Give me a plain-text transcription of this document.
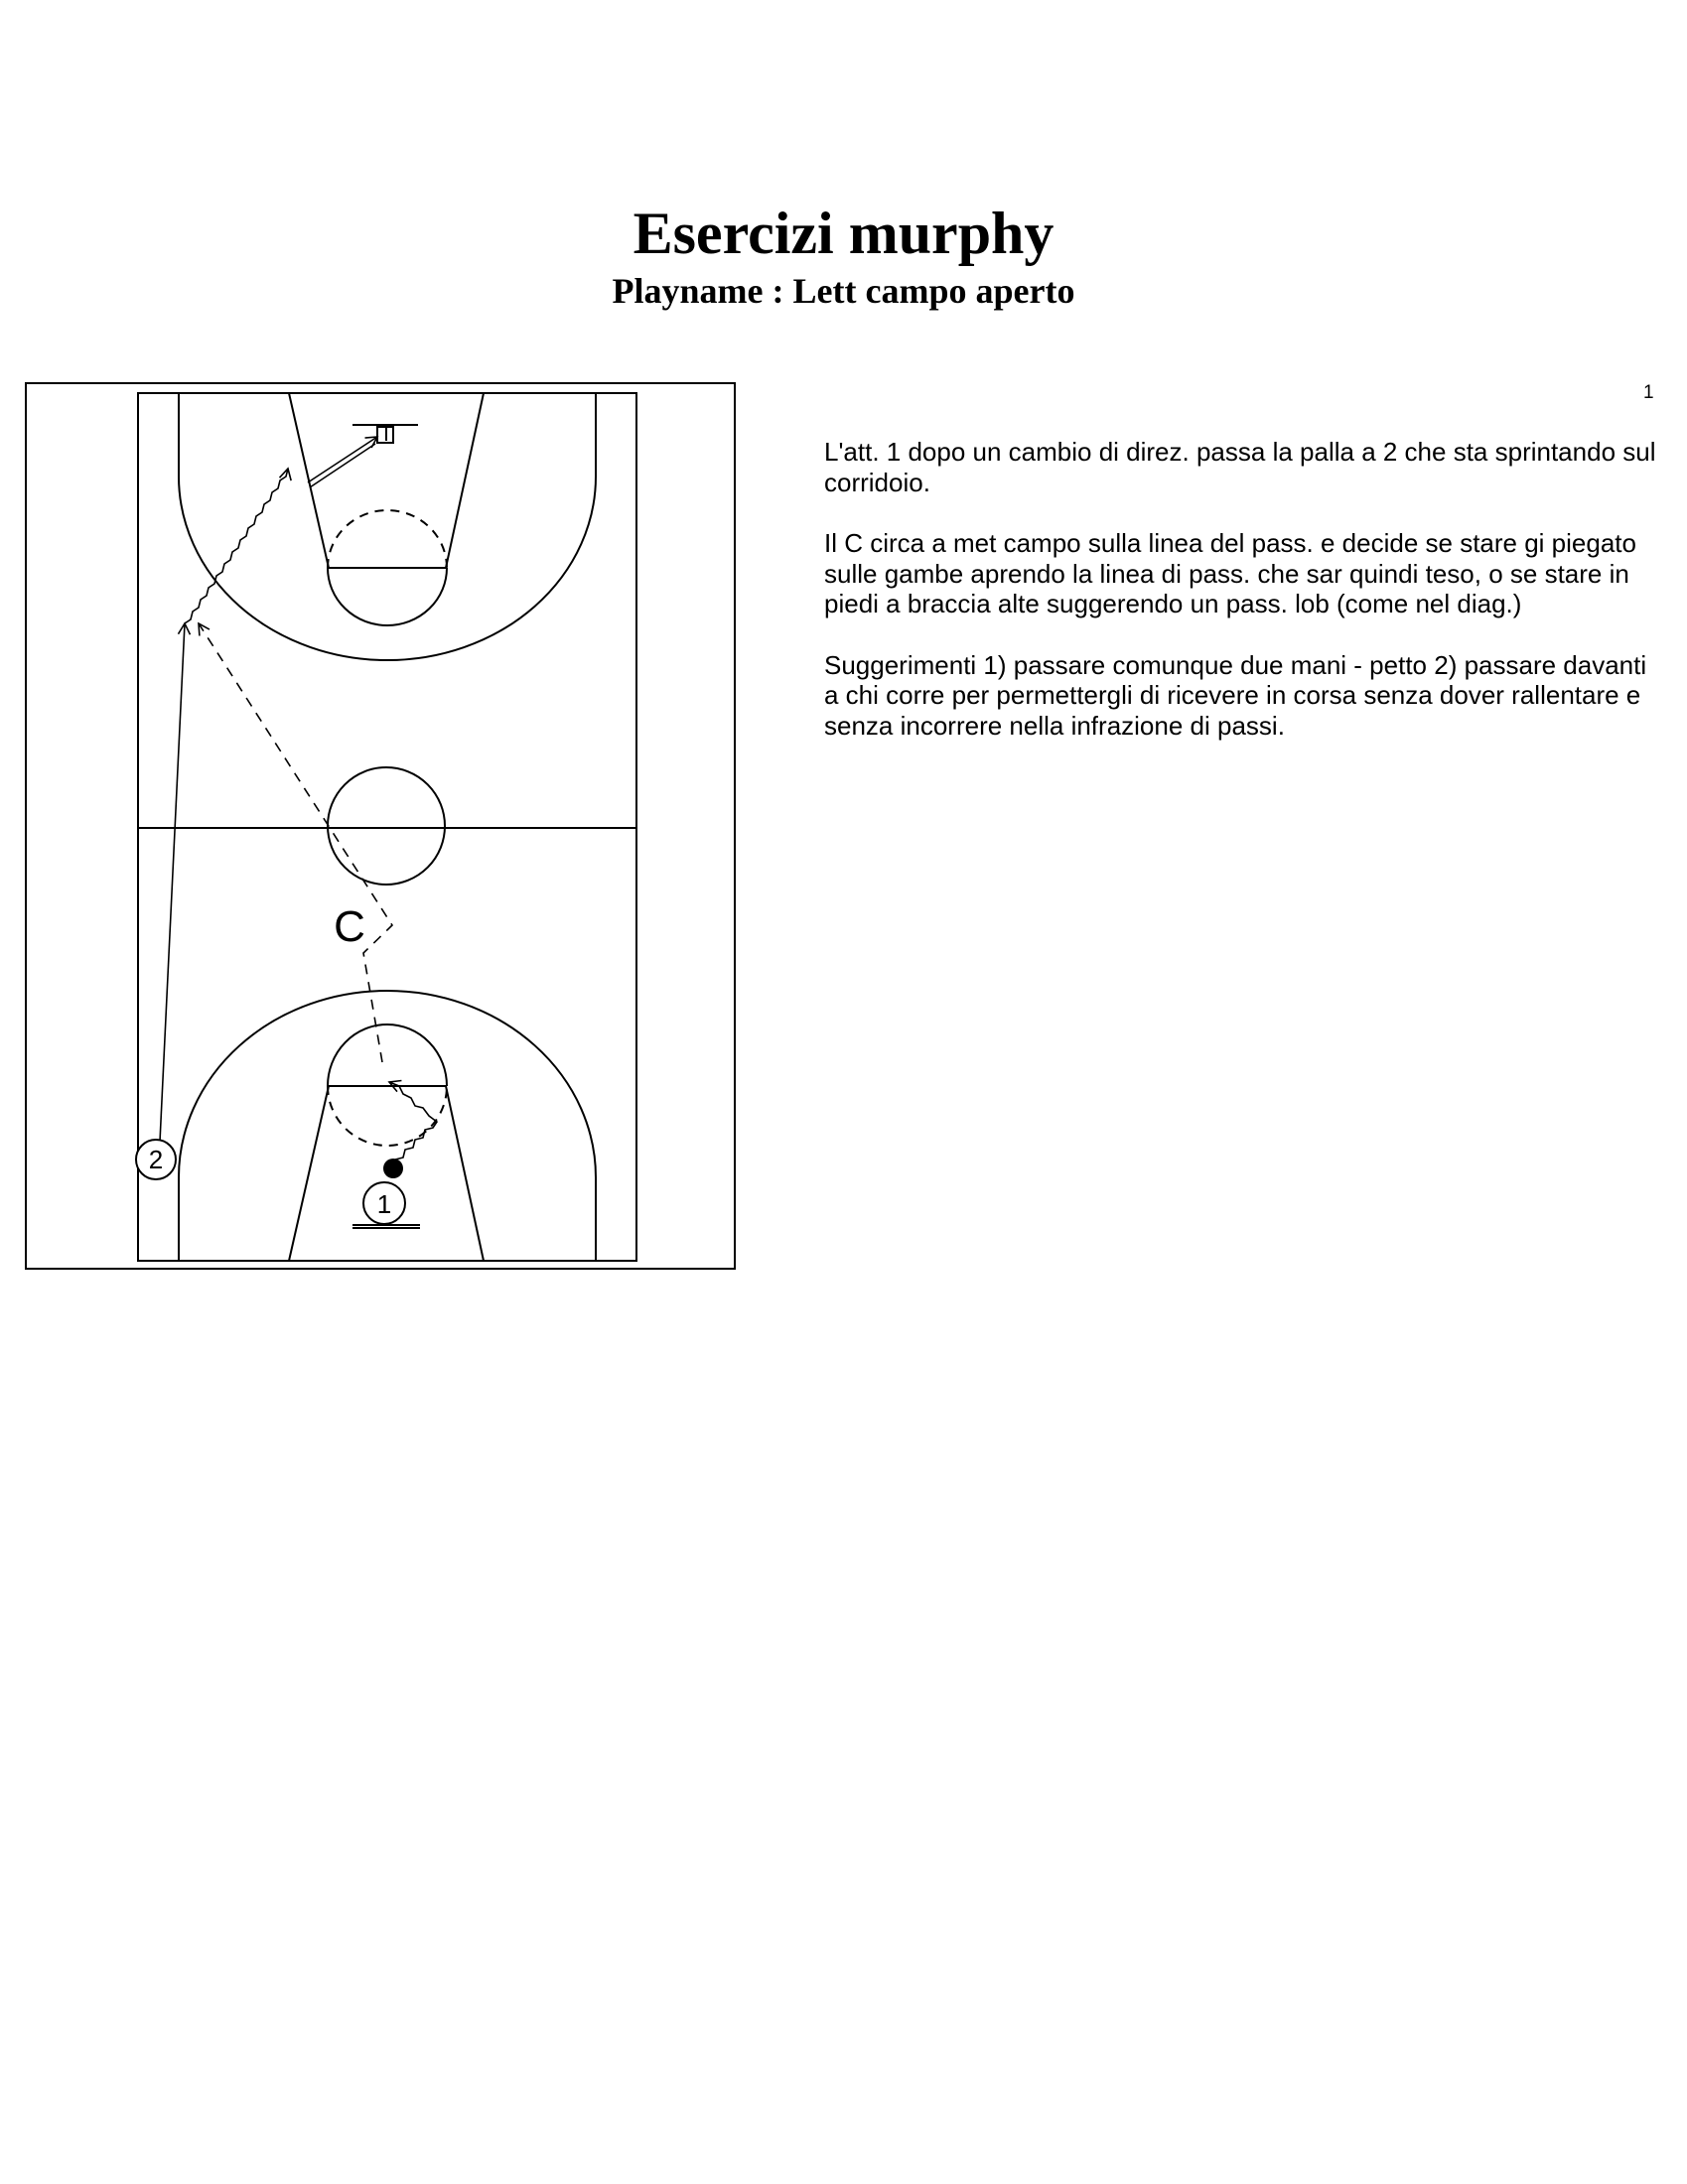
Esercizi murphy
Playname : Lett campo aperto
1
2
1
C

L'att. 1 dopo un cambio di direz. passa la palla a 2 che sta sprintando sul corridoio.

Il C circa a met campo sulla linea del pass. e decide se stare gi piegato sulle gambe aprendo la linea di pass. che sar quindi teso, o se stare in piedi a braccia alte suggerendo un pass. lob (come nel diag.)

Suggerimenti 1) passare comunque due mani - petto 2) passare davanti a chi corre per permettergli di ricevere in corsa senza dover rallentare e senza incorrere nella infrazione di passi.
